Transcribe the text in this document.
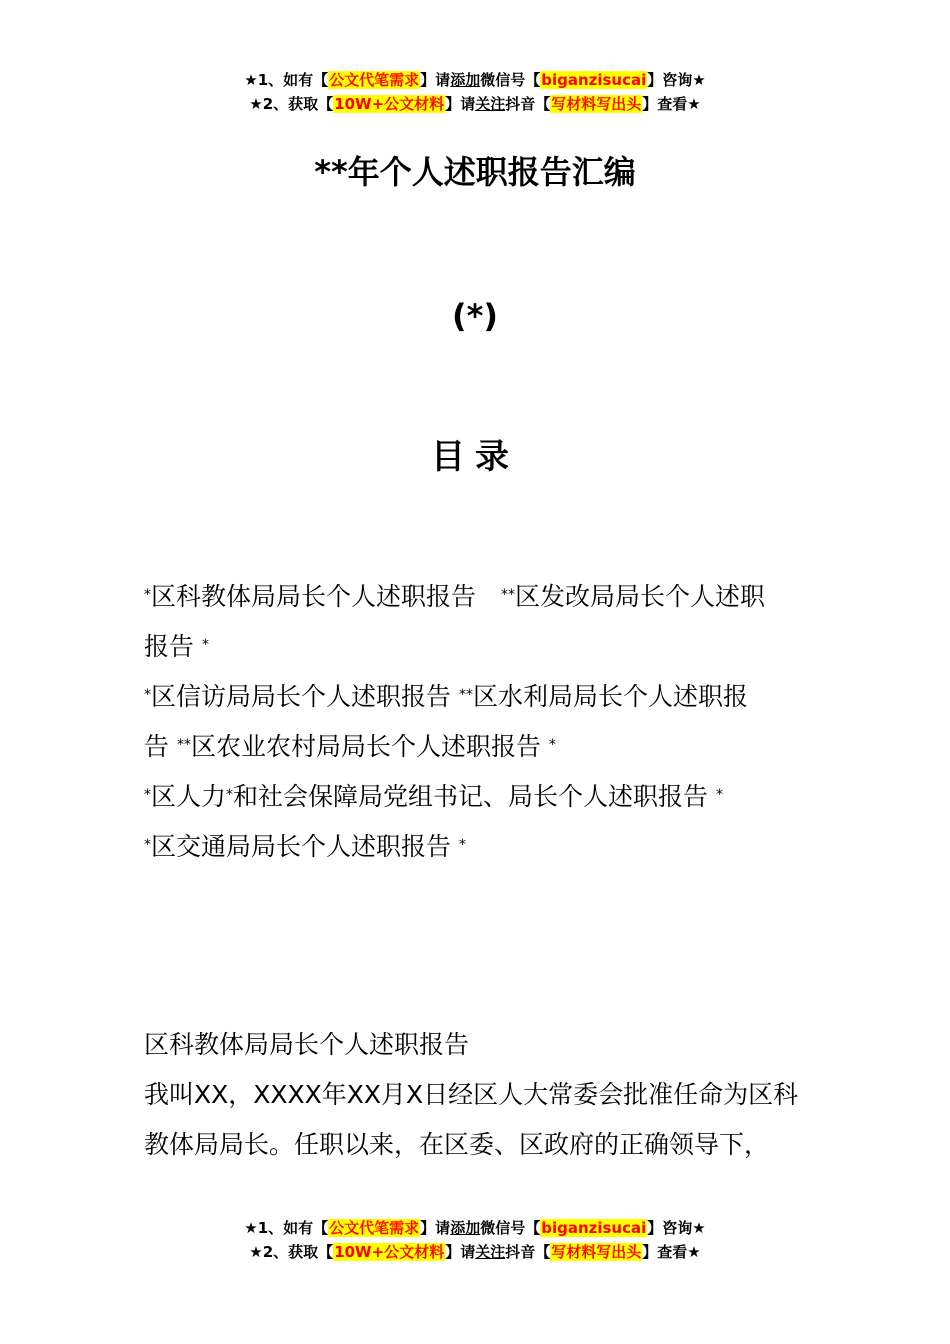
★1、如有【公文代笔需求】请添加微信号【biganzisucai】咨询★
★2、获取【10W+公文材料】请关注抖音【写材料写出头】查看★
**年个人述职报告汇编
(*)
目录
*区科教体局局长个人述职报告　**区发改局局长个人述职
报告 *
*区信访局局长个人述职报告 **区水利局局长个人述职报
告 **区农业农村局局长个人述职报告 *
*区人力*和社会保障局党组书记、局长个人述职报告 *
*区交通局局长个人述职报告 *
区科教体局局长个人述职报告
我叫XX，XXXX年XX月X日经区人大常委会批准任命为区科
教体局局长。任职以来，在区委、区政府的正确领导下，
★1、如有【公文代笔需求】请添加微信号【biganzisucai】咨询★
★2、获取【10W+公文材料】请关注抖音【写材料写出头】查看★
